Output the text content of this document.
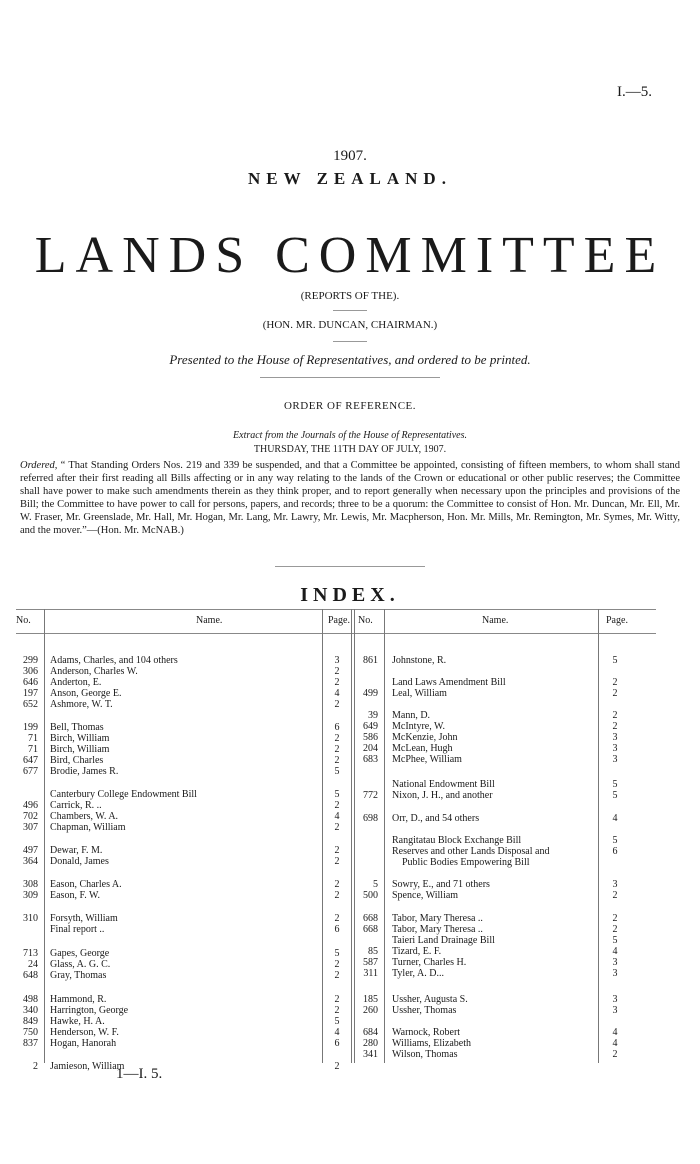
I.—5.
1907.
NEW ZEALAND.
LANDS COMMITTEE
(REPORTS OF THE).
(HON. MR. DUNCAN, CHAIRMAN.)
Presented to the House of Representatives, and ordered to be printed.
ORDER OF REFERENCE.
Extract from the Journals of the House of Representatives.
THURSDAY, THE 11TH DAY OF JULY, 1907.

Ordered, “ That Standing Orders Nos. 219 and 339 be suspended, and that a Committee be appointed, consisting of fifteen members, to whom shall stand referred after their first reading all Bills affecting or in any way relating to the lands of the Crown or educational or other public reserves; the Committee shall have power to make such amendments therein as they think proper, and to report generally when necessary upon the principles and provisions of the Bill; the Committee to have power to call for persons, papers, and records; three to be a quorum: the Committee to consist of Hon. Mr. Duncan, Mr. Ell, Mr. W. Fraser, Mr. Greenslade, Mr. Hall, Mr. Hogan, Mr. Lang, Mr. Lawry, Mr. Lewis, Mr. Macpherson, Hon. Mr. Mills, Mr. Remington, Mr. Symes, Mr. Witty, and the mover.”—(Hon. Mr. McNAB.)

INDEX.
No.	Name.	Page. No.	Name.	Page.
299 Adams, Charles, and 104 others	3
306 Anderson, Charles W.	2
646 Anderton, E.	2
197 Anson, George E.	4
652 Ashmore, W. T.	2
199 Bell, Thomas	6
71 Birch, William	2
71 Birch, William	2
647 Bird, Charles	2
677 Brodie, James R.	5
Canterbury College Endowment Bill	5
496 Carrick, R. ..	2
702 Chambers, W. A.	4
307 Chapman, William	2
497 Dewar, F. M.	2
364 Donald, James	2
308 Eason, Charles A.	2
309 Eason, F. W.	2
310 Forsyth, William	2
Final report ..	6
713 Gapes, George	5
24 Glass, A. G. C.	2
648 Gray, Thomas	2
498 Hammond, R.	2
340 Harrington, George	2
849 Hawke, H. A.	5
750 Henderson, W. F.	4
837 Hogan, Hanorah	6
2 Jamieson, William	2
861 Johnstone, R.	5
Land Laws Amendment Bill	2
499 Leal, William	2
39 Mann, D.	2
649 McIntyre, W.	2
586 McKenzie, John	3
204 McLean, Hugh	3
683 McPhee, William	3
National Endowment Bill	5
772 Nixon, J. H., and another	5
698 Orr, D., and 54 others	4
Rangitatau Block Exchange Bill	5
Reserves and other Lands Disposal and	6
Public Bodies Empowering Bill
5 Sowry, E., and 71 others	3
500 Spence, William	2
668 Tabor, Mary Theresa ..	2
668 Tabor, Mary Theresa ..	2
Taieri Land Drainage Bill	5
85 Tizard, E. F.	4
587 Turner, Charles H.	3
311 Tyler, A. D...	3
185 Ussher, Augusta S.	3
260 Ussher, Thomas	3
684 Warnock, Robert	4
280 Williams, Elizabeth	4
341 Wilson, Thomas	2
1—I. 5.
